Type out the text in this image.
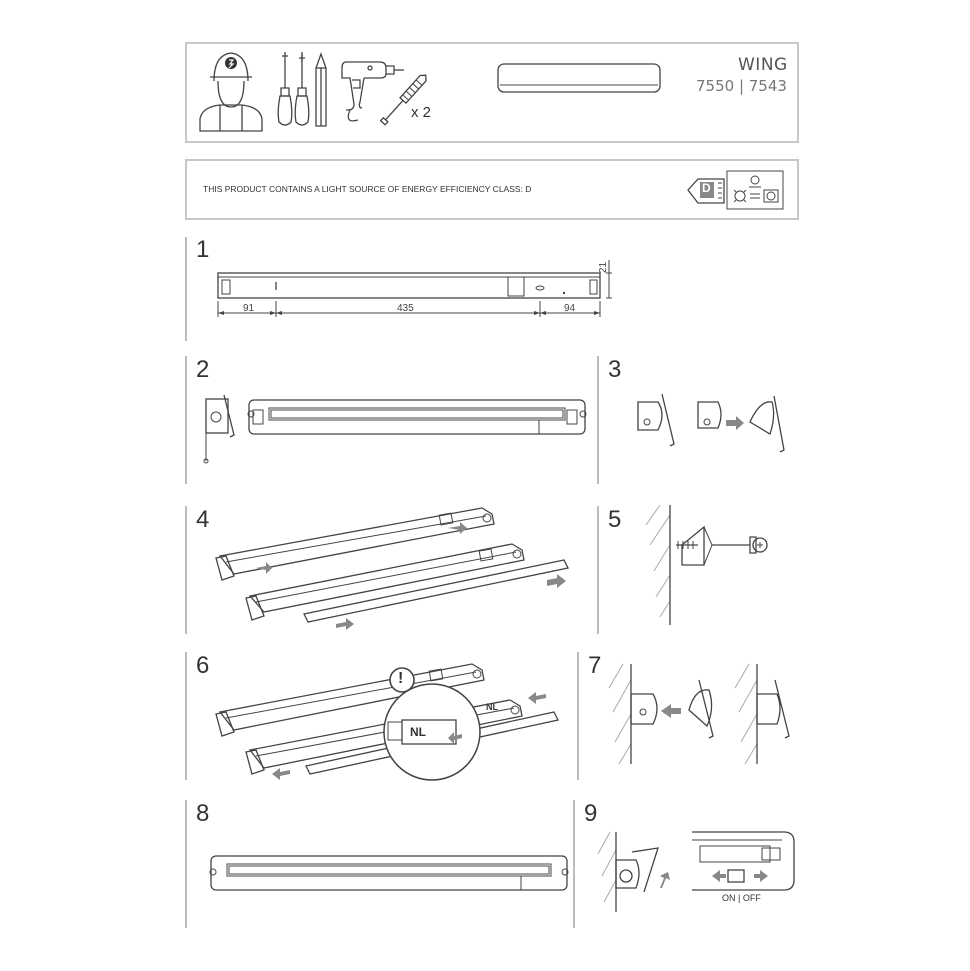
x 2
WING
7550 | 7543
THIS PRODUCT CONTAINS A LIGHT SOURCE OF ENERGY EFFICIENCY CLASS: D	D
1
21
91	435	94
2	3
4	5
6	!
NL
NL
7
8	9
ON | OFF
